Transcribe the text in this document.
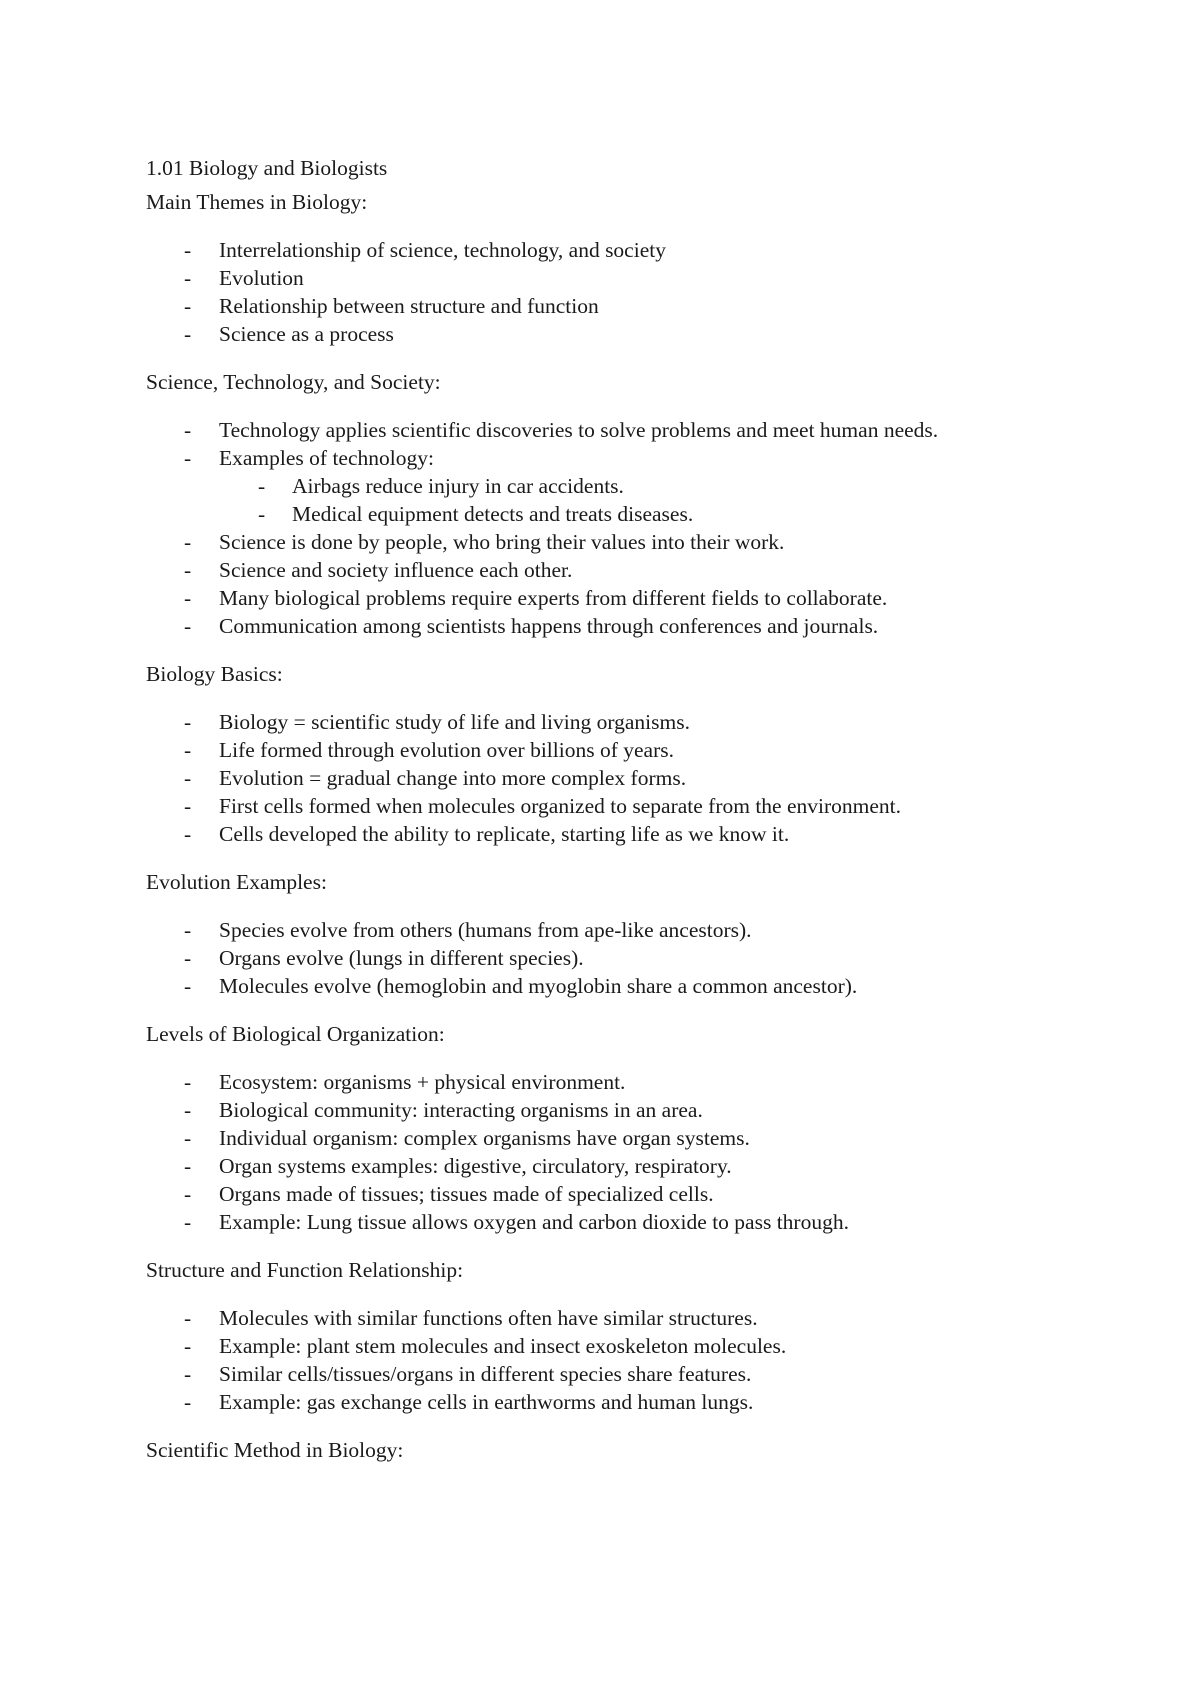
1.01 Biology and Biologists
Main Themes in Biology:
- Interrelationship of science, technology, and society
- Evolution
- Relationship between structure and function
- Science as a process
Science, Technology, and Society:
- Technology applies scientific discoveries to solve problems and meet human needs.
- Examples of technology:
- Airbags reduce injury in car accidents.
- Medical equipment detects and treats diseases.
- Science is done by people, who bring their values into their work.
- Science and society influence each other.
- Many biological problems require experts from different fields to collaborate.
- Communication among scientists happens through conferences and journals.
Biology Basics:
- Biology = scientific study of life and living organisms.
- Life formed through evolution over billions of years.
- Evolution = gradual change into more complex forms.
- First cells formed when molecules organized to separate from the environment.
- Cells developed the ability to replicate, starting life as we know it.
Evolution Examples:
- Species evolve from others (humans from ape-like ancestors).
- Organs evolve (lungs in different species).
- Molecules evolve (hemoglobin and myoglobin share a common ancestor).
Levels of Biological Organization:
- Ecosystem: organisms + physical environment.
- Biological community: interacting organisms in an area.
- Individual organism: complex organisms have organ systems.
- Organ systems examples: digestive, circulatory, respiratory.
- Organs made of tissues; tissues made of specialized cells.
- Example: Lung tissue allows oxygen and carbon dioxide to pass through.
Structure and Function Relationship:
- Molecules with similar functions often have similar structures.
- Example: plant stem molecules and insect exoskeleton molecules.
- Similar cells/tissues/organs in different species share features.
- Example: gas exchange cells in earthworms and human lungs.
Scientific Method in Biology:
